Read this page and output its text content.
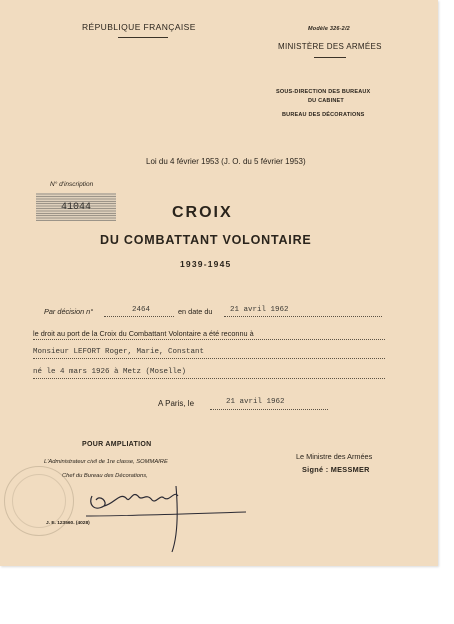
RÉPUBLIQUE FRANÇAISE	Modèle 326-2/2
MINISTÈRE DES ARMÉES
SOUS-DIRECTION DES BUREAUX
DU CABINET
BUREAU DES DÉCORATIONS
Loi du 4 février 1953 (J. O. du 5 février 1953)
N° d'inscription
41044	CROIX
DU COMBATTANT VOLONTAIRE
1939-1945
Par décision n°	2464	en date du 21 avril 1962
le droit au port de la Croix du Combattant Volontaire a été reconnu à
Monsieur LEFORT Roger, Marie, Constant
né le 4 mars 1926 à Metz (Moselle)
A Paris, le	21 avril 1962
POUR AMPLIATION
L'Administrateur civil de 1re classe, SOMMAIRE
Chef du Bureau des Décorations,
J. E. 123560. (4028)
Le Ministre des Armées
Signé : MESSMER
